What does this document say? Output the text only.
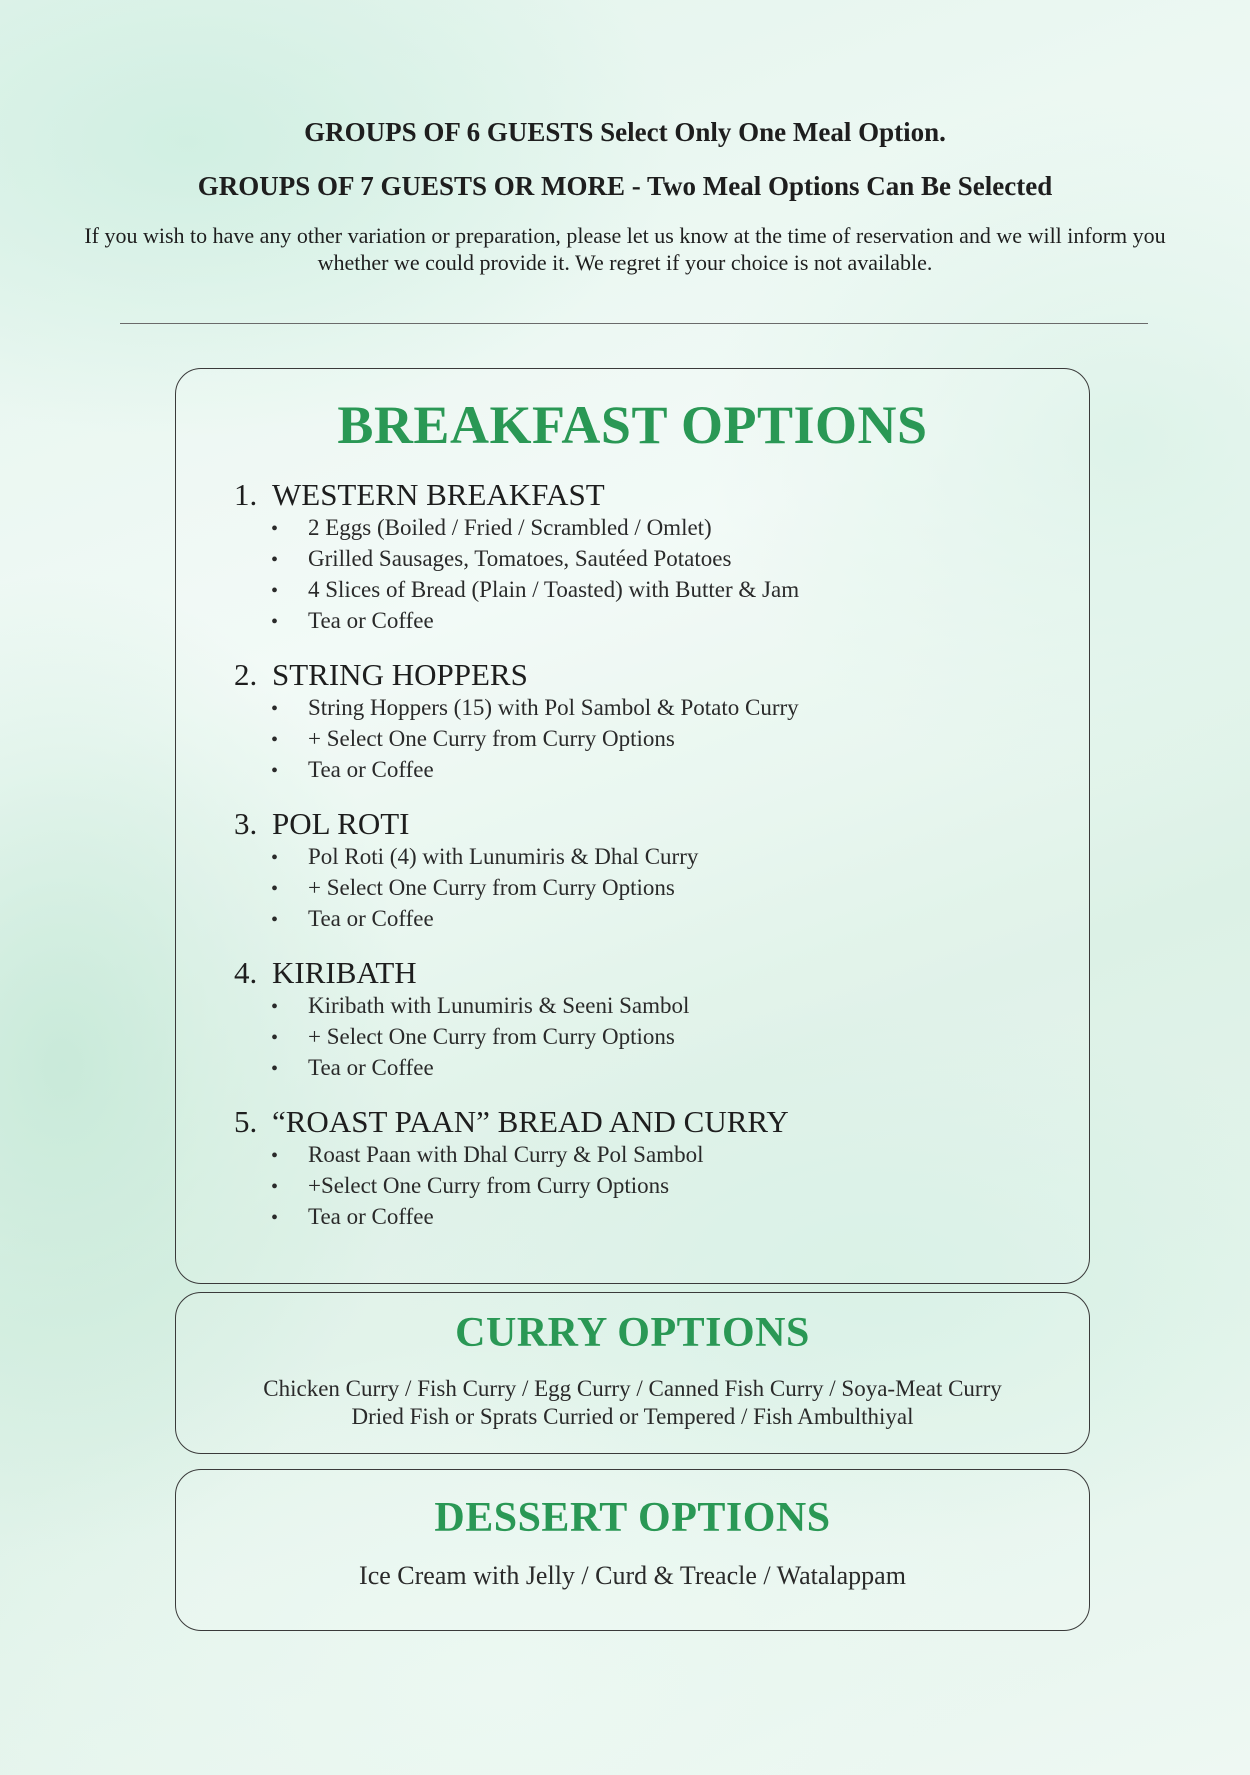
GROUPS OF 6 GUESTS Select Only One Meal Option.

GROUPS OF 7 GUESTS OR MORE - Two Meal Options Can Be Selected

If you wish to have any other variation or preparation, please let us know at the time of reservation and we will inform you whether we could provide it. We regret if your choice is not available.

BREAKFAST OPTIONS
1. WESTERN BREAKFAST
•	2 Eggs (Boiled / Fried / Scrambled / Omlet)
•	Grilled Sausages, Tomatoes, Sautéed Potatoes
•	4 Slices of Bread (Plain / Toasted) with Butter & Jam
•	Tea or Coffee
2. STRING HOPPERS
•	String Hoppers (15) with Pol Sambol & Potato Curry
•	+ Select One Curry from Curry Options
•	Tea or Coffee
3. POL ROTI
•	Pol Roti (4) with Lunumiris & Dhal Curry
•	+ Select One Curry from Curry Options
•	Tea or Coffee
4. KIRIBATH
•	Kiribath with Lunumiris & Seeni Sambol
•	+ Select One Curry from Curry Options
•	Tea or Coffee
5. “ROAST PAAN” BREAD AND CURRY
•	Roast Paan with Dhal Curry & Pol Sambol
•	+Select One Curry from Curry Options
•	Tea or Coffee
CURRY OPTIONS

Chicken Curry / Fish Curry / Egg Curry / Canned Fish Curry / Soya-Meat Curry

Dried Fish or Sprats Curried or Tempered / Fish Ambulthiyal

DESSERT OPTIONS

Ice Cream with Jelly / Curd & Treacle / Watalappam
